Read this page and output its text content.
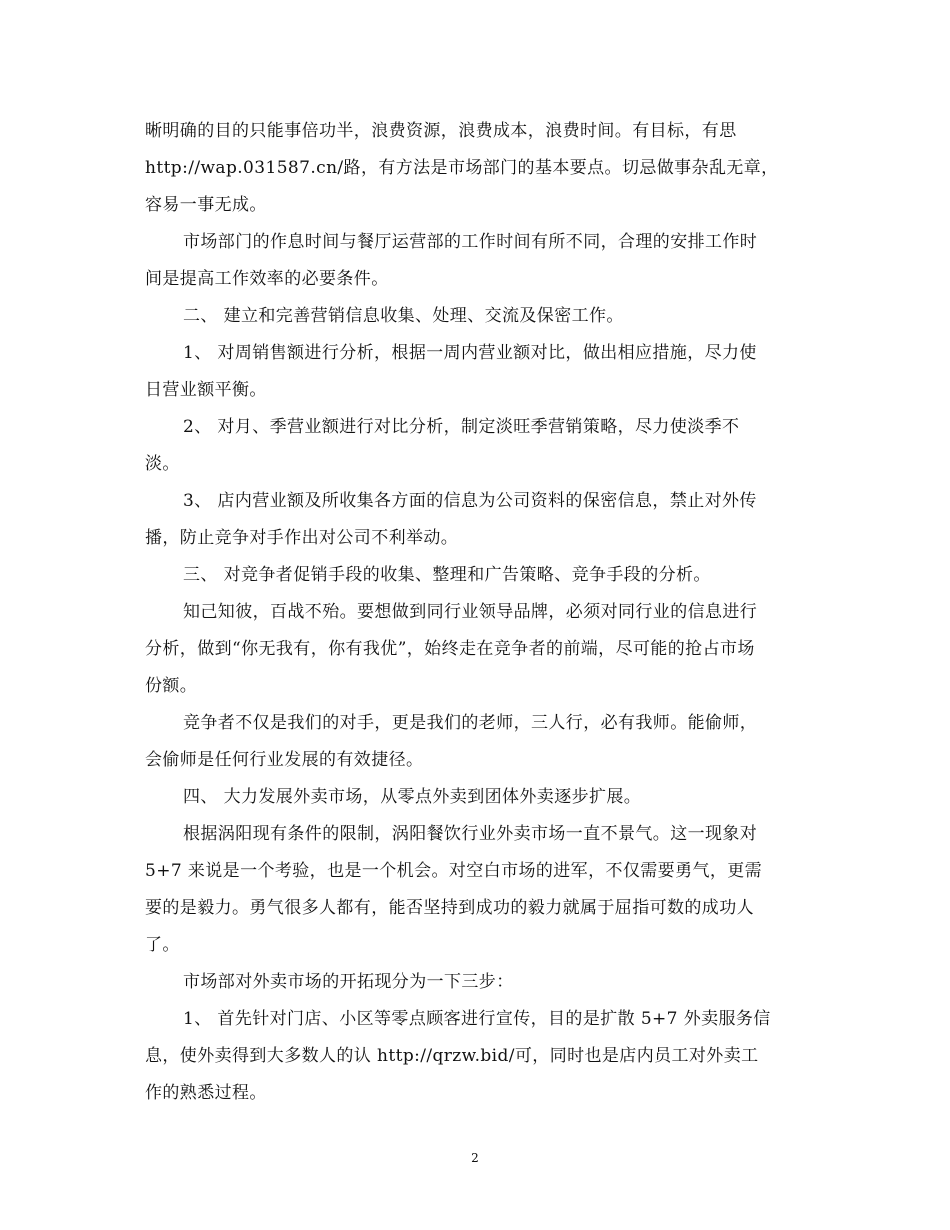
晰明确的目的只能事倍功半，浪费资源，浪费成本，浪费时间。有目标，有思
http://wap.031587.cn/路，有方法是市场部门的基本要点。切忌做事杂乱无章，
容易一事无成。
市场部门的作息时间与餐厅运营部的工作时间有所不同，合理的安排工作时
间是提高工作效率的必要条件。
二、 建立和完善营销信息收集、处理、交流及保密工作。
1、 对周销售额进行分析，根据一周内营业额对比，做出相应措施，尽力使
日营业额平衡。
2、 对月、季营业额进行对比分析，制定淡旺季营销策略，尽力使淡季不
淡。
3、 店内营业额及所收集各方面的信息为公司资料的保密信息，禁止对外传
播，防止竞争对手作出对公司不利举动。
三、 对竞争者促销手段的收集、整理和广告策略、竞争手段的分析。
知己知彼，百战不殆。要想做到同行业领导品牌，必须对同行业的信息进行
分析，做到“你无我有，你有我优”，始终走在竞争者的前端，尽可能的抢占市场
份额。
竞争者不仅是我们的对手，更是我们的老师，三人行，必有我师。能偷师，
会偷师是任何行业发展的有效捷径。
四、 大力发展外卖市场，从零点外卖到团体外卖逐步扩展。
根据涡阳现有条件的限制，涡阳餐饮行业外卖市场一直不景气。这一现象对
5+7 来说是一个考验，也是一个机会。对空白市场的进军，不仅需要勇气，更需
要的是毅力。勇气很多人都有，能否坚持到成功的毅力就属于屈指可数的成功人
了。
市场部对外卖市场的开拓现分为一下三步：
1、 首先针对门店、小区等零点顾客进行宣传，目的是扩散 5+7 外卖服务信
息，使外卖得到大多数人的认 http://qrzw.bid/可，同时也是店内员工对外卖工
作的熟悉过程。
2
